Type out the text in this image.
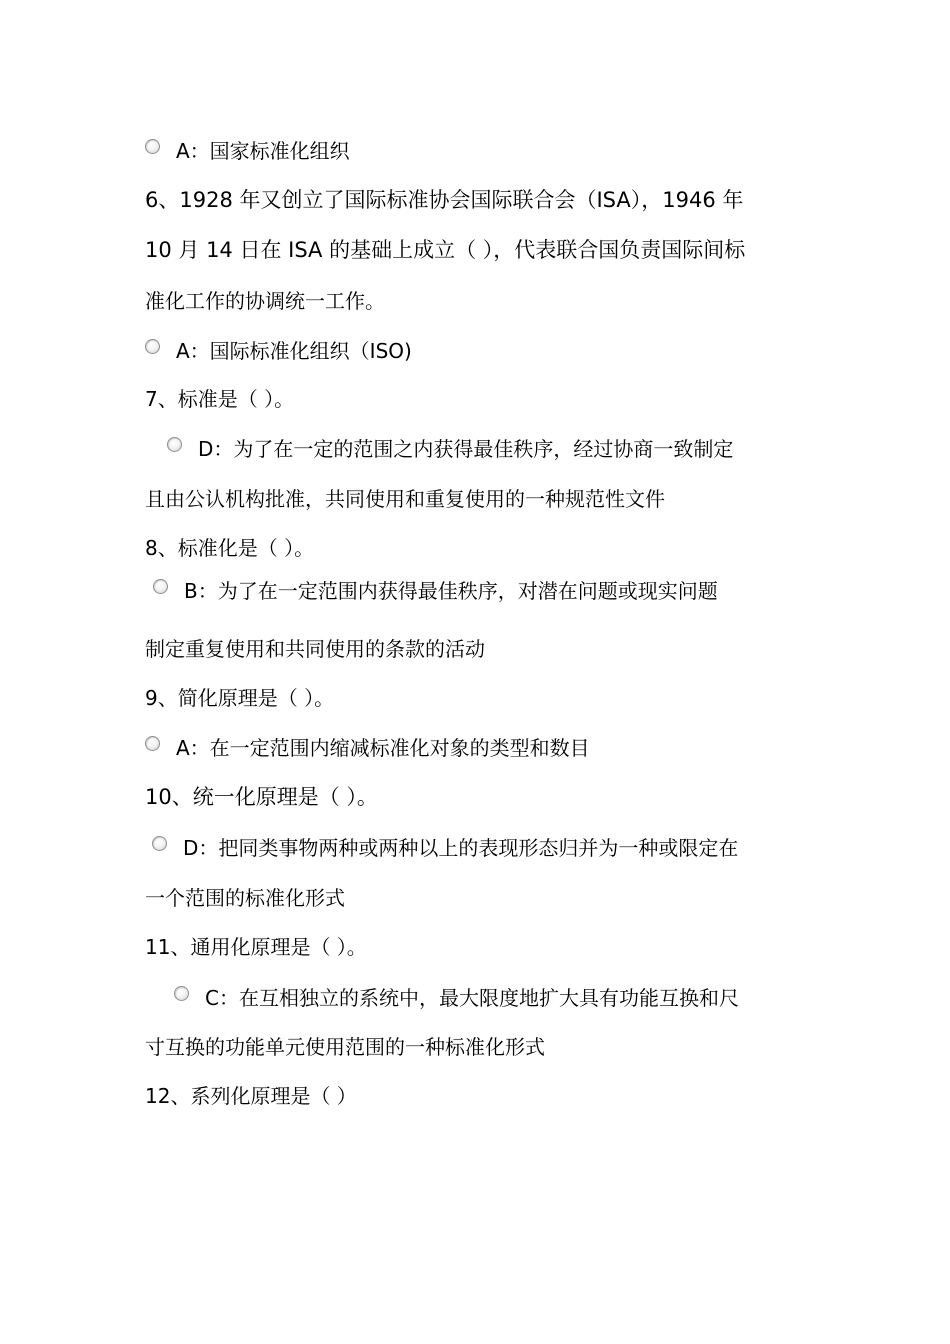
A：国家标准化组织
6、1928 年又创立了国际标准协会国际联合会（ISA），1946 年
10 月 14 日在 ISA 的基础上成立（ ），代表联合国负责国际间标
准化工作的协调统一工作。
A：国际标准化组织（ISO)
7、标准是（ ）。
D：为了在一定的范围之内获得最佳秩序，经过协商一致制定
且由公认机构批准，共同使用和重复使用的一种规范性文件
8、标准化是（ ）。
B：为了在一定范围内获得最佳秩序，对潜在问题或现实问题
制定重复使用和共同使用的条款的活动
9、简化原理是（ ）。
A：在一定范围内缩减标准化对象的类型和数目
10、统一化原理是（ ）。
D：把同类事物两种或两种以上的表现形态归并为一种或限定在
一个范围的标准化形式
11、通用化原理是（ ）。
C：在互相独立的系统中，最大限度地扩大具有功能互换和尺
寸互换的功能单元使用范围的一种标准化形式
12、系列化原理是（ ）
